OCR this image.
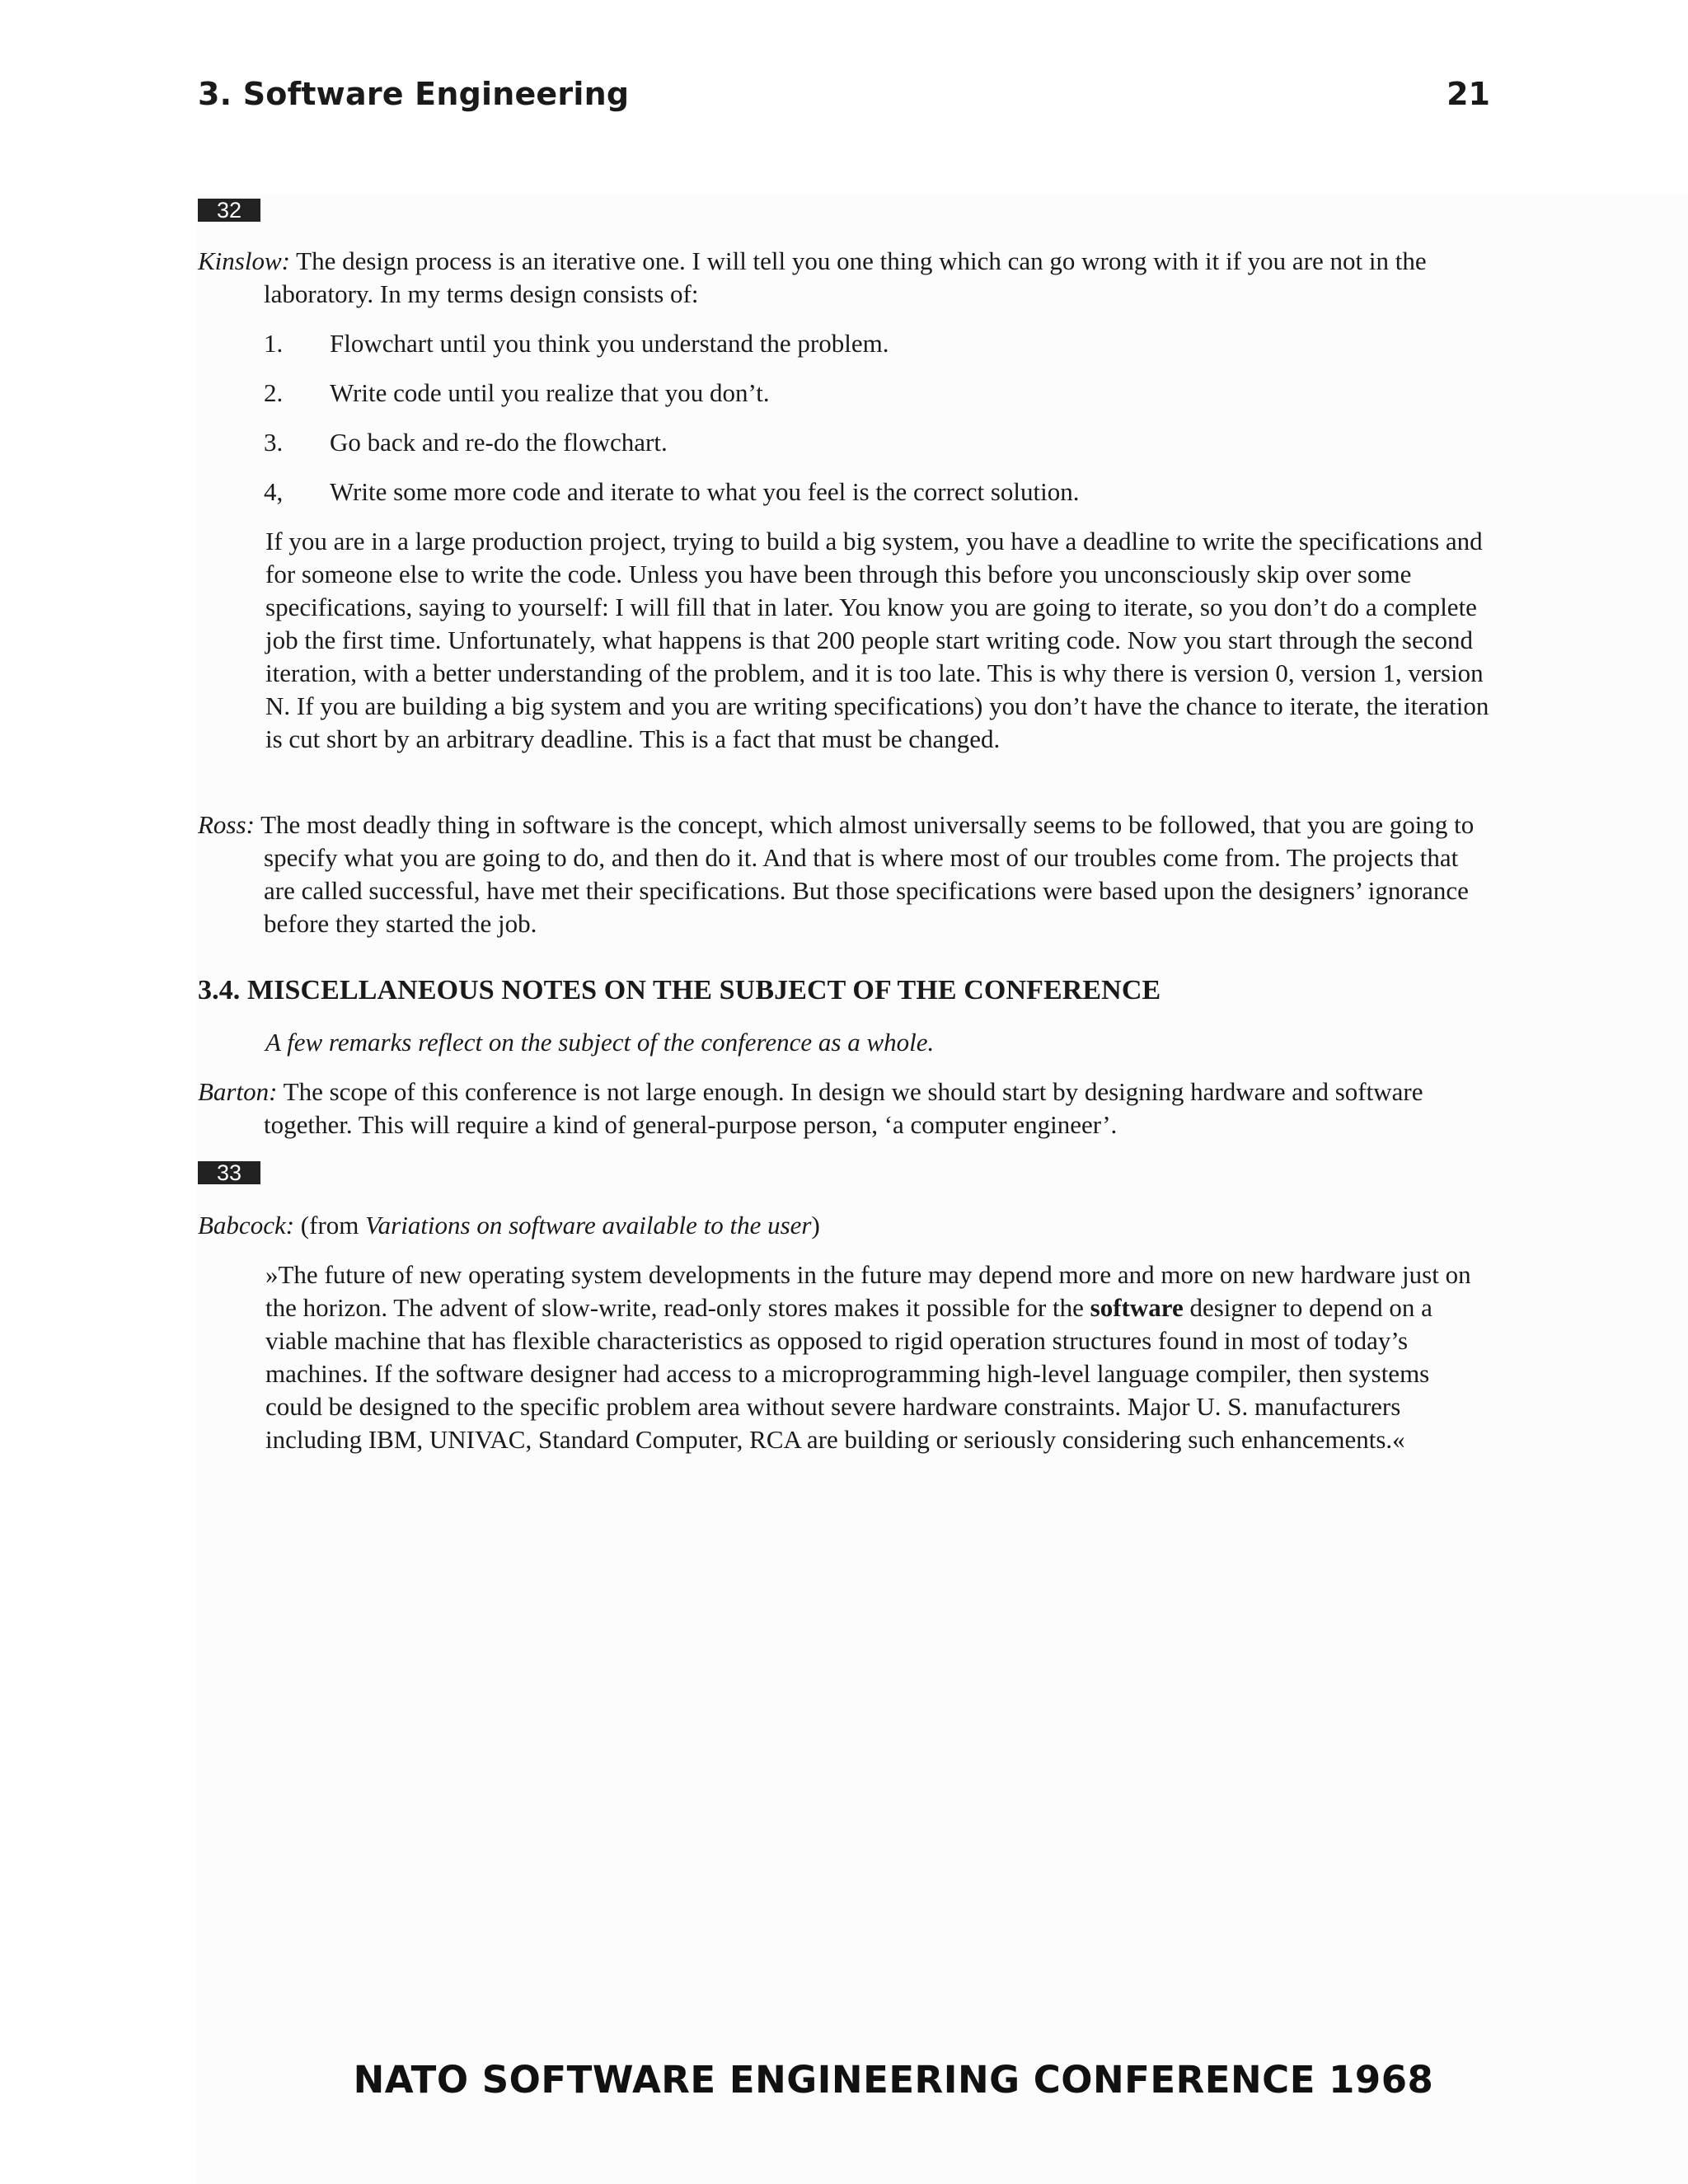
3. Software Engineering	21
32

Kinslow: The design process is an iterative one. I will tell you one thing which can go wrong with it if you are not in the laboratory. In my terms design consists of:

1. Flowchart until you think you understand the problem.
2. Write code until you realize that you don’t.
3. Go back and re-do the flowchart.
4, Write some more code and iterate to what you feel is the correct solution.

If you are in a large production project, trying to build a big system, you have a deadline to write the specifications and for someone else to write the code. Unless you have been through this before you unconsciously skip over some specifications, saying to yourself: I will fill that in later. You know you are going to iterate, so you don’t do a complete job the first time. Unfortunately, what happens is that 200 people start writing code. Now you start through the second iteration, with a better understanding of the problem, and it is too late. This is why there is version 0, version 1, version N. If you are building a big system and you are writing specifications) you don’t have the chance to iterate, the iteration is cut short by an arbitrary deadline. This is a fact that must be changed.

Ross: The most deadly thing in software is the concept, which almost universally seems to be followed, that you are going to specify what you are going to do, and then do it. And that is where most of our troubles come from. The projects that are called successful, have met their specifications. But those specifications were based upon the designers’ ignorance before they started the job.

3.4. MISCELLANEOUS NOTES ON THE SUBJECT OF THE CONFERENCE

A few remarks reflect on the subject of the conference as a whole.

Barton: The scope of this conference is not large enough. In design we should start by designing hardware and software together. This will require a kind of general-purpose person, ‘a computer engineer’.

33

Babcock: (from Variations on software available to the user)

»The future of new operating system developments in the future may depend more and more on new hardware just on the horizon. The advent of slow-write, read-only stores makes it possible for the software designer to depend on a viable machine that has flexible characteristics as opposed to rigid operation structures found in most of today’s machines. If the software designer had access to a microprogramming high-level language compiler, then systems could be designed to the specific problem area without severe hardware constraints. Major U. S. manufacturers including IBM, UNIVAC, Standard Computer, RCA are building or seriously considering such enhancements.«

NATO SOFTWARE ENGINEERING CONFERENCE 1968
